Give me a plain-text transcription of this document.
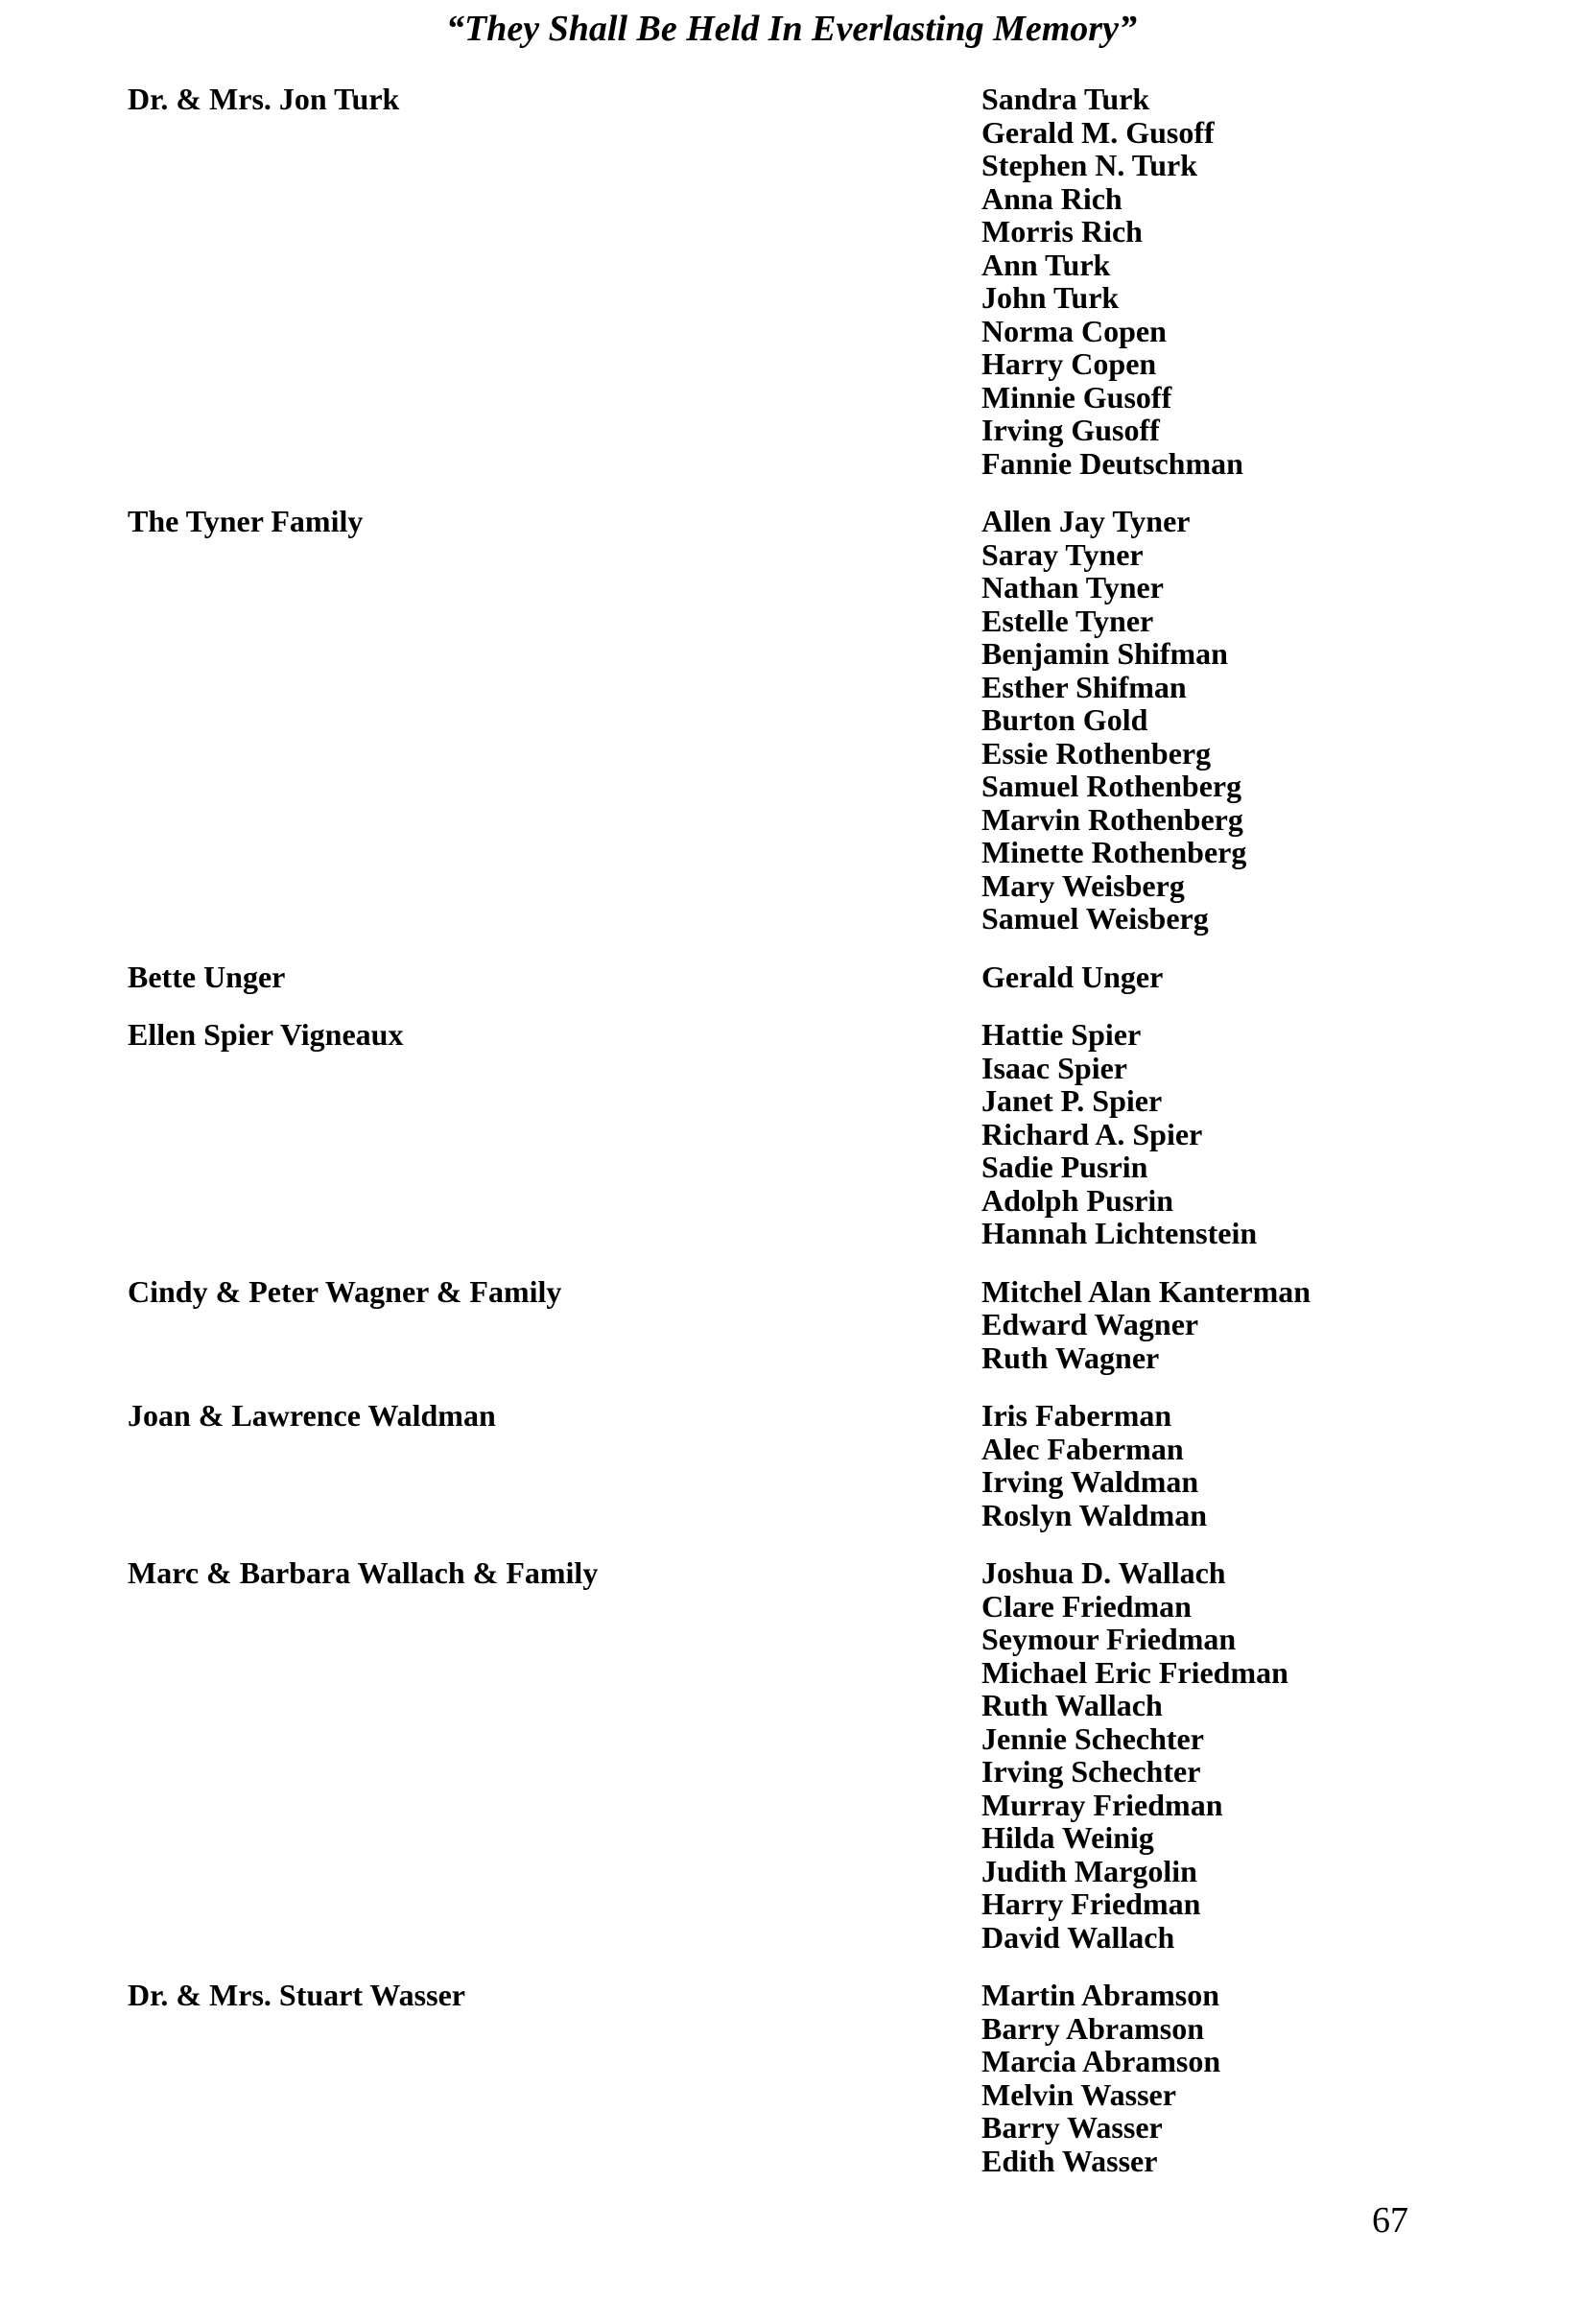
“They Shall Be Held In Everlasting Memory”
Dr. & Mrs. Jon Turk	Sandra Turk
Gerald M. Gusoff
Stephen N. Turk
Anna Rich
Morris Rich
Ann Turk
John Turk
Norma Copen
Harry Copen
Minnie Gusoff
Irving Gusoff
Fannie Deutschman
The Tyner Family	Allen Jay Tyner
Saray Tyner
Nathan Tyner
Estelle Tyner
Benjamin Shifman
Esther Shifman
Burton Gold
Essie Rothenberg
Samuel Rothenberg
Marvin Rothenberg
Minette Rothenberg
Mary Weisberg
Samuel Weisberg
Bette Unger	Gerald Unger
Ellen Spier Vigneaux	Hattie Spier
Isaac Spier
Janet P. Spier
Richard A. Spier
Sadie Pusrin
Adolph Pusrin
Hannah Lichtenstein
Cindy & Peter Wagner & Family	Mitchel Alan Kanterman
Edward Wagner
Ruth Wagner
Joan & Lawrence Waldman	Iris Faberman
Alec Faberman
Irving Waldman
Roslyn Waldman
Marc & Barbara Wallach & Family	Joshua D. Wallach
Clare Friedman
Seymour Friedman
Michael Eric Friedman
Ruth Wallach
Jennie Schechter
Irving Schechter
Murray Friedman
Hilda Weinig
Judith Margolin
Harry Friedman
David Wallach
Dr. & Mrs. Stuart Wasser	Martin Abramson
Barry Abramson
Marcia Abramson
Melvin Wasser
Barry Wasser
Edith Wasser
67
